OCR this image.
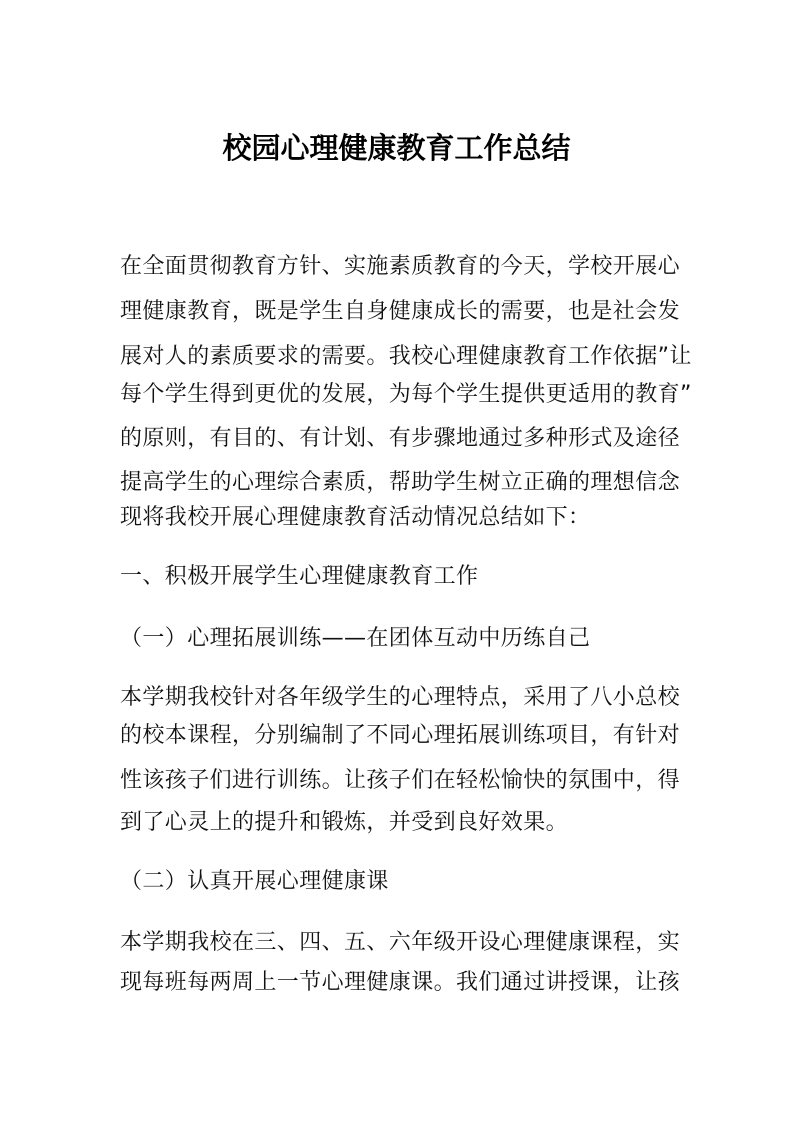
校园心理健康教育工作总结
在全面贯彻教育方针、实施素质教育的今天，学校开展心
理健康教育，既是学生自身健康成长的需要，也是社会发
展对人的素质要求的需要。我校心理健康教育工作依据”让
每个学生得到更优的发展，为每个学生提供更适用的教育”
的原则，有目的、有计划、有步骤地通过多种形式及途径
提高学生的心理综合素质，帮助学生树立正确的理想信念
现将我校开展心理健康教育活动情况总结如下：
一、积极开展学生心理健康教育工作
（一）心理拓展训练——在团体互动中历练自己
本学期我校针对各年级学生的心理特点，采用了八小总校
的校本课程，分别编制了不同心理拓展训练项目，有针对
性该孩子们进行训练。让孩子们在轻松愉快的氛围中，得
到了心灵上的提升和锻炼，并受到良好效果。
（二）认真开展心理健康课
本学期我校在三、四、五、六年级开设心理健康课程，实
现每班每两周上一节心理健康课。我们通过讲授课，让孩
